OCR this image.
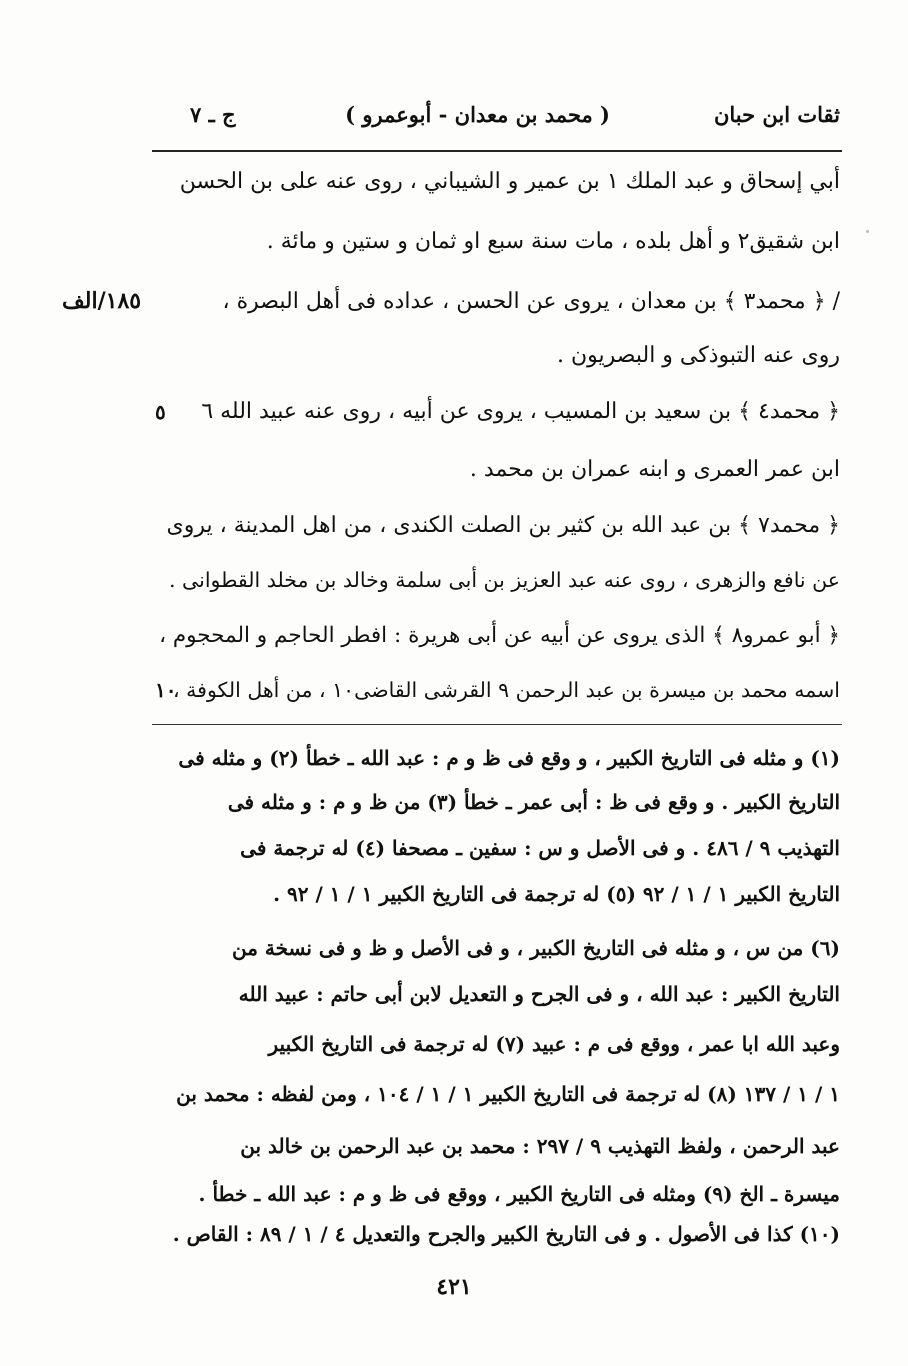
ثقات ابن حبان
( محمد بن معدان - أبوعمرو )
ج ـ ٧
أبي إسحاق و عبد الملك ١ بن عمير و الشيباني ، روى عنه على بن الحسن
ابن شقيق٢ و أهل بلده ، مات سنة سبع او ثمان و ستين و مائة .
/ ﴿ محمد٣ ﴾ بن معدان ، يروى عن الحسن ، عداده فى أهل البصرة ،
روى عنه التبوذكى و البصريون .
﴿ محمد٤ ﴾ بن سعيد بن المسيب ، يروى عن أبيه ، روى عنه عبيد الله ٦
ابن عمر العمرى و ابنه عمران بن محمد .
﴿ محمد٧ ﴾ بن عبد الله بن كثير بن الصلت الكندى ، من اهل المدينة ، يروى
عن نافع والزهرى ، روى عنه عبد العزيز بن أبى سلمة وخالد بن مخلد القطوانى .
﴿ أبو عمرو٨ ﴾ الذى يروى عن أبيه عن أبى هريرة : افطر الحاجم و المحجوم ،
اسمه محمد بن ميسرة بن عبد الرحمن ٩ القرشى القاضى١٠ ، من أهل الكوفة ،
١٨٥/الف
٥
١٠
(١) و مثله فى التاريخ الكبير ، و وقع فى ظ و م : عبد الله ـ خطأ (٢) و مثله فى
التاريخ الكبير . و وقع فى ظ : أبى عمر ـ خطأ (٣) من ظ و م : و مثله فى
التهذيب ٩ / ٤٨٦ . و فى الأصل و س : سفين ـ مصحفا (٤) له ترجمة فى
التاريخ الكبير ١ / ١ / ٩٢ (٥) له ترجمة فى التاريخ الكبير ١ / ١ / ٩٢ .
(٦) من س ، و مثله فى التاريخ الكبير ، و فى الأصل و ظ و فى نسخة من
التاريخ الكبير : عبد الله ، و فى الجرح و التعديل لابن أبى حاتم : عبيد الله
وعبد الله ابا عمر ، ووقع فى م : عبيد (٧) له ترجمة فى التاريخ الكبير
١ / ١ / ١٣٧ (٨) له ترجمة فى التاريخ الكبير ١ / ١ / ١٠٤ ، ومن لفظه : محمد بن
عبد الرحمن ، ولفظ التهذيب ٩ / ٢٩٧ : محمد بن عبد الرحمن بن خالد بن
ميسرة ـ الخ (٩) ومثله فى التاريخ الكبير ، ووقع فى ظ و م : عبد الله ـ خطأ .
(١٠) كذا فى الأصول . و فى التاريخ الكبير والجرح والتعديل ٤ / ١ / ٨٩ : القاص .
٤٢١
